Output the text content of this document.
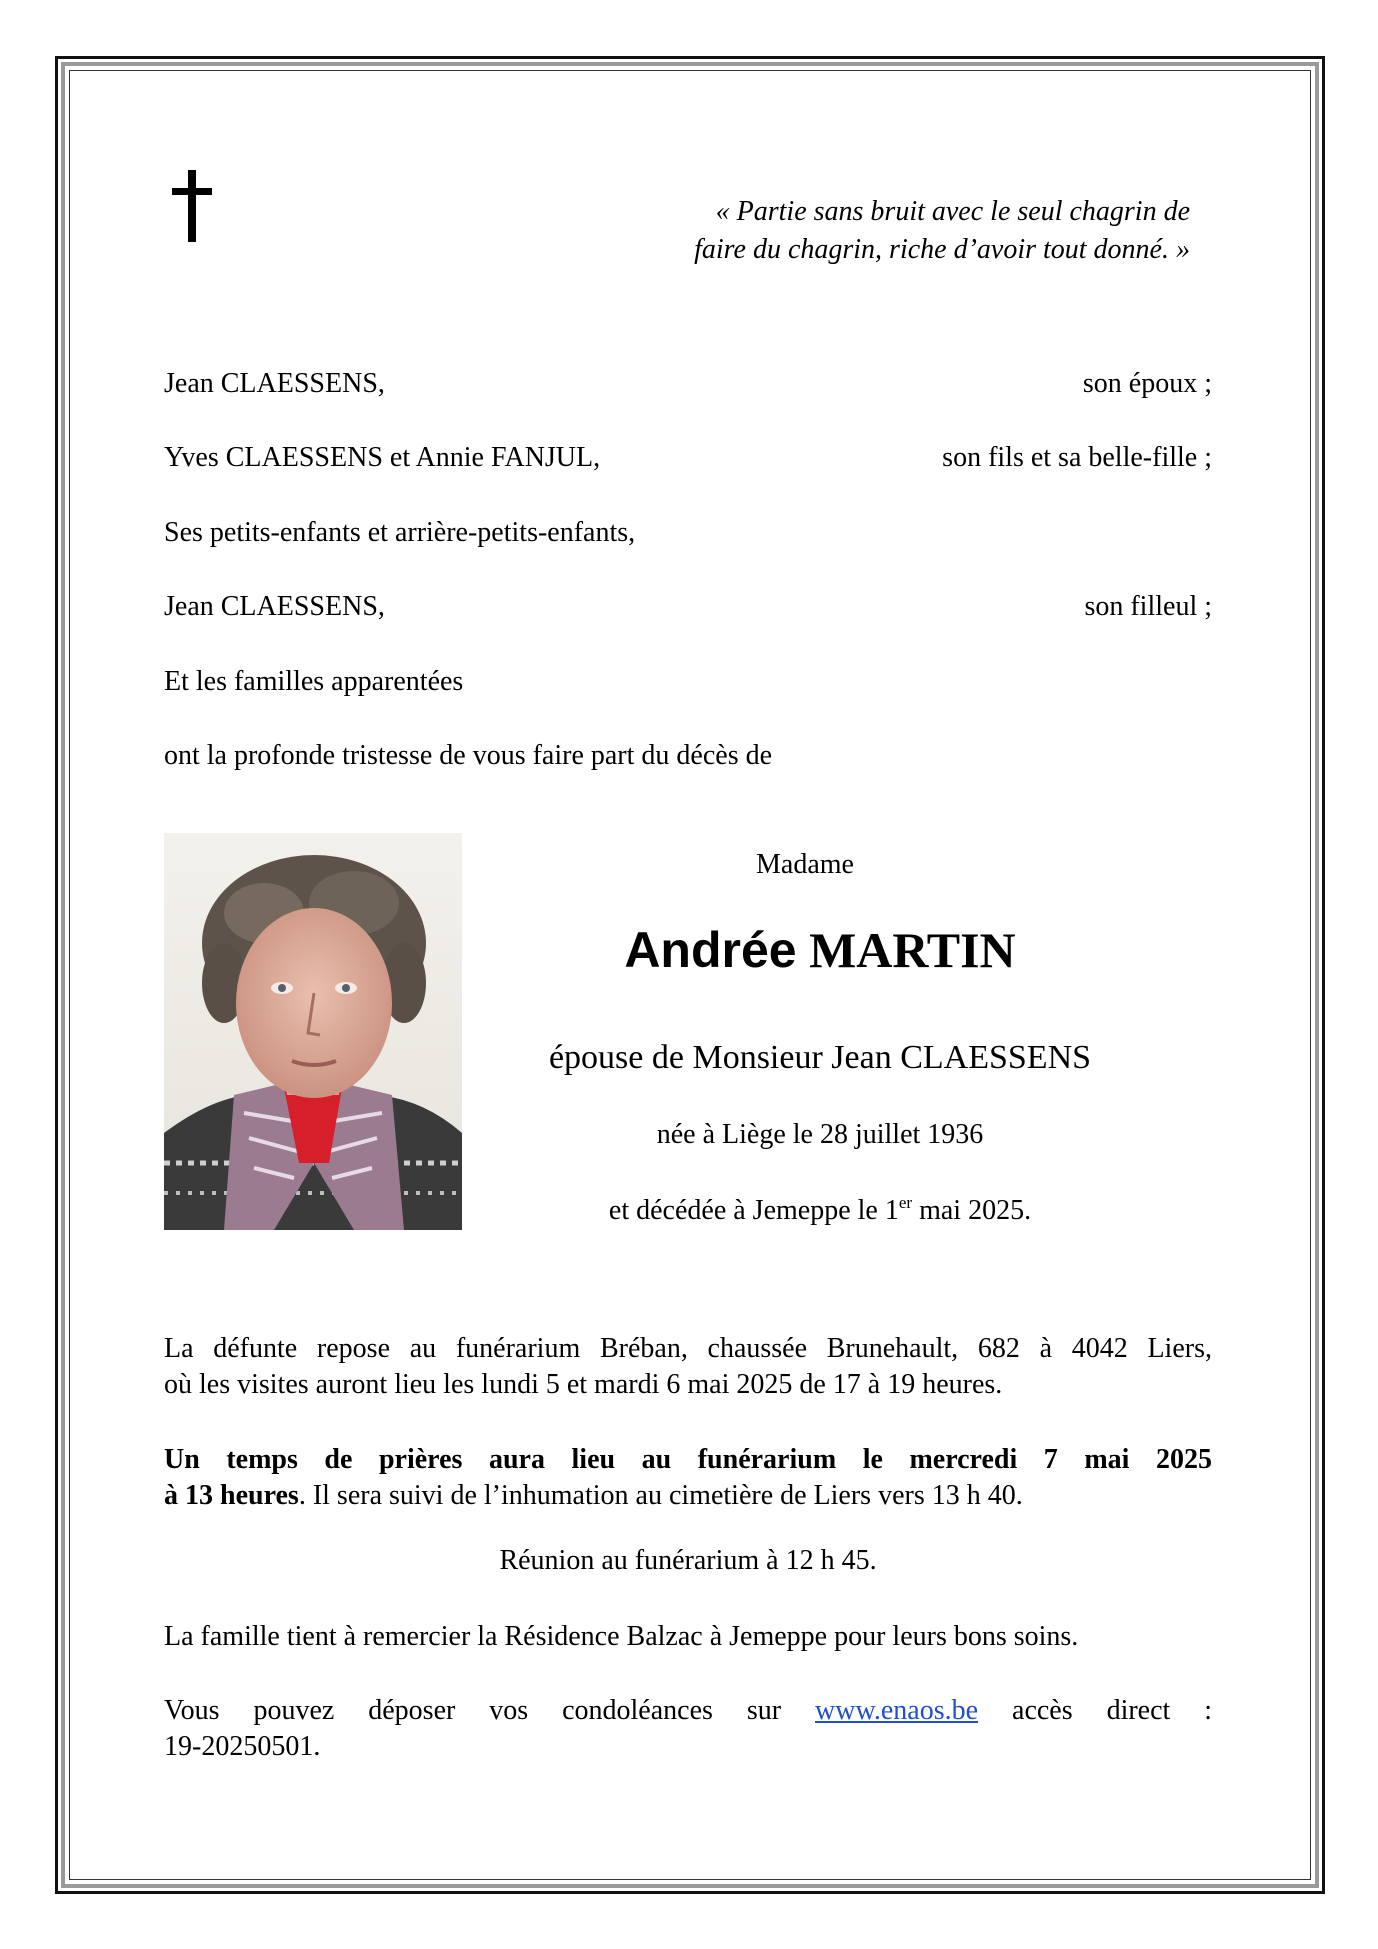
« Partie sans bruit avec le seul chagrin de
faire du chagrin, riche d’avoir tout donné. »
Jean CLAESSENS,	son époux ;
Yves CLAESSENS et Annie FANJUL,	son fils et sa belle-fille ;
Ses petits-enfants et arrière-petits-enfants,
Jean CLAESSENS,	son filleul ;
Et les familles apparentées
ont la profonde tristesse de vous faire part du décès de
Madame
Andrée MARTIN
épouse de Monsieur Jean CLAESSENS
née à Liège le 28 juillet 1936
et décédée à Jemeppe le 1er mai 2025.
La défunte repose au funérarium Bréban, chaussée Brunehault, 682 à 4042 Liers,
où les visites auront lieu les lundi 5 et mardi 6 mai 2025 de 17 à 19 heures.
Un temps de prières aura lieu au funérarium le mercredi 7 mai 2025
à 13 heures. Il sera suivi de l’inhumation au cimetière de Liers vers 13 h 40.
Réunion au funérarium à 12 h 45.
La famille tient à remercier la Résidence Balzac à Jemeppe pour leurs bons soins.
Vous pouvez déposer vos condoléances sur www.enaos.be accès direct :
19-20250501.
